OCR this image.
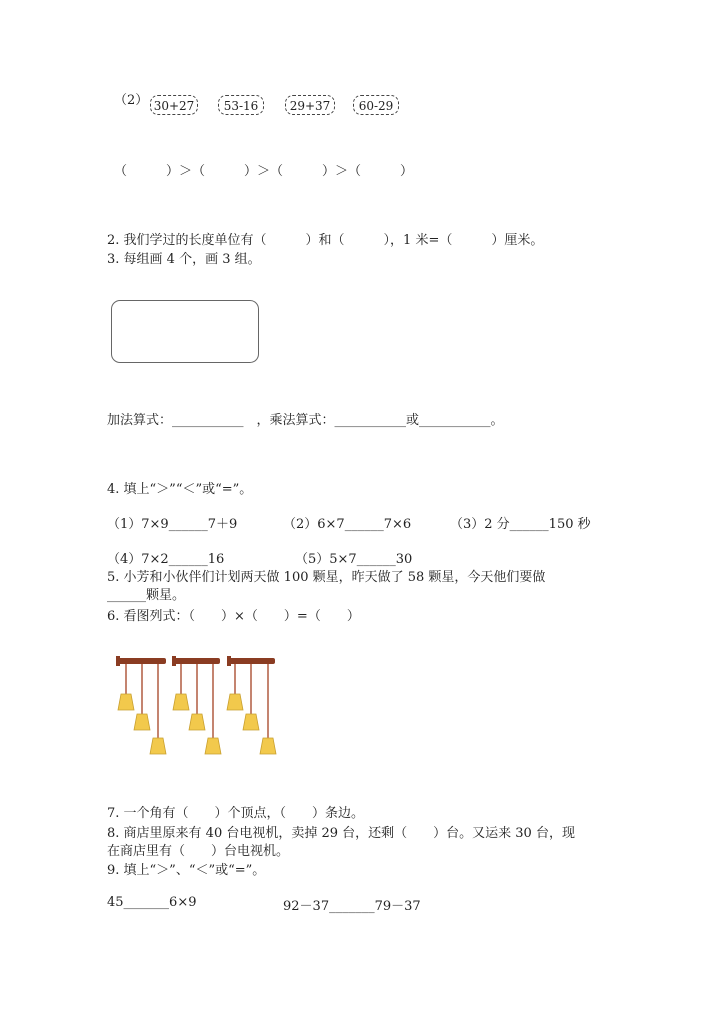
（2） 30+27	53-16	29+37	60-29
（　　　）＞（　　　）＞（　　　）＞（　　　）
2. 我们学过的长度单位有（　　　）和（　　　），1 米=（　　　）厘米。
3. 每组画 4 个，画 3 组。
加法算式：___________　，乘法算式：___________或___________。
4. 填上“＞”“＜”或“=”。
（1）7×9______7＋9	（2）6×7______7×6	（3）2 分______150 秒
（4）7×2______16	（5）5×7______30
5. 小芳和小伙伴们计划两天做 100 颗星，昨天做了 58 颗星，今天他们要做
______颗星。
6. 看图列式：（　　）×（　　）=（　　）
7. 一个角有（　　）个顶点，（　　）条边。
8. 商店里原来有 40 台电视机，卖掉 29 台，还剩（　　）台。又运来 30 台，现
在商店里有（　　）台电视机。
9. 填上“＞”、“＜”或“=”。
45_______6×9	92－37_______79－37
